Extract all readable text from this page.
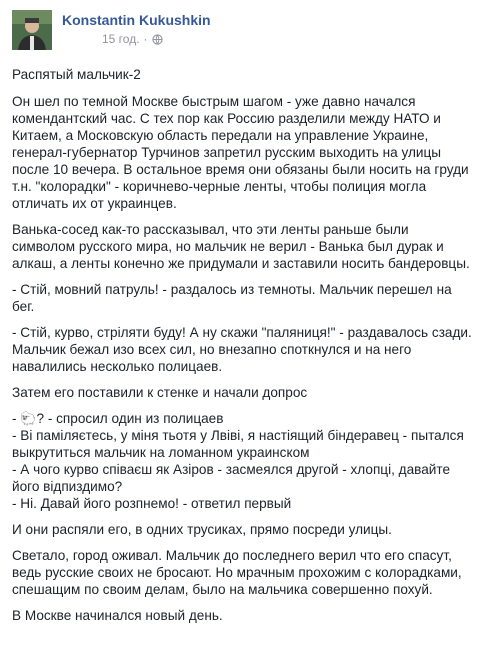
Konstantin Kukushkin
15 год. ·

Распятый мальчик-2

Он шел по темной Москве быстрым шагом - уже давно начался
комендантский час. С тех пор как Россию разделили между НАТО и
Китаем, а Московскую область передали на управление Украине,
генерал-губернатор Турчинов запретил русским выходить на улицы
после 10 вечера. В остальное время они обязаны были носить на груди
т.н. "колорадки" - коричнево-черные ленты, чтобы полиция могла
отличать их от украинцев.

Ванька-сосед как-то рассказывал, что эти ленты раньше были
символом русского мира, но мальчик не верил - Ванька был дурак и
алкаш, а ленты конечно же придумали и заставили носить бандеровцы.

- Стій, мовний патруль! - раздалось из темноты. Мальчик перешел на
бег.

- Стій, курво, стріляти буду! А ну скажи "паляниця!" - раздавалось сзади.
Мальчик бежал изо всех сил, но внезапно споткнулся и на него
навалились несколько полицаев.

Затем его поставили к стенке и начали допрос

- 🐑? - спросил один из полицаев
- Ві паміляєтесь, у міня тьотя у Лвіві, я настіящий біндеравец - пытался
выкрутиться мальчик на ломанном украинском
- А чого курво співаєш як Азіров - засмеялся другой - хлопці, давайте
його відпиздимо?
- Ні. Давай його розпнемо! - ответил первый

И они распяли его, в одних трусиках, прямо посреди улицы.

Светало, город оживал. Мальчик до последнего верил что его спасут,
ведь русские своих не бросают. Но мрачным прохожим с колорадками,
спешащим по своим делам, было на мальчика совершенно похуй.

В Москве начинался новый день.
